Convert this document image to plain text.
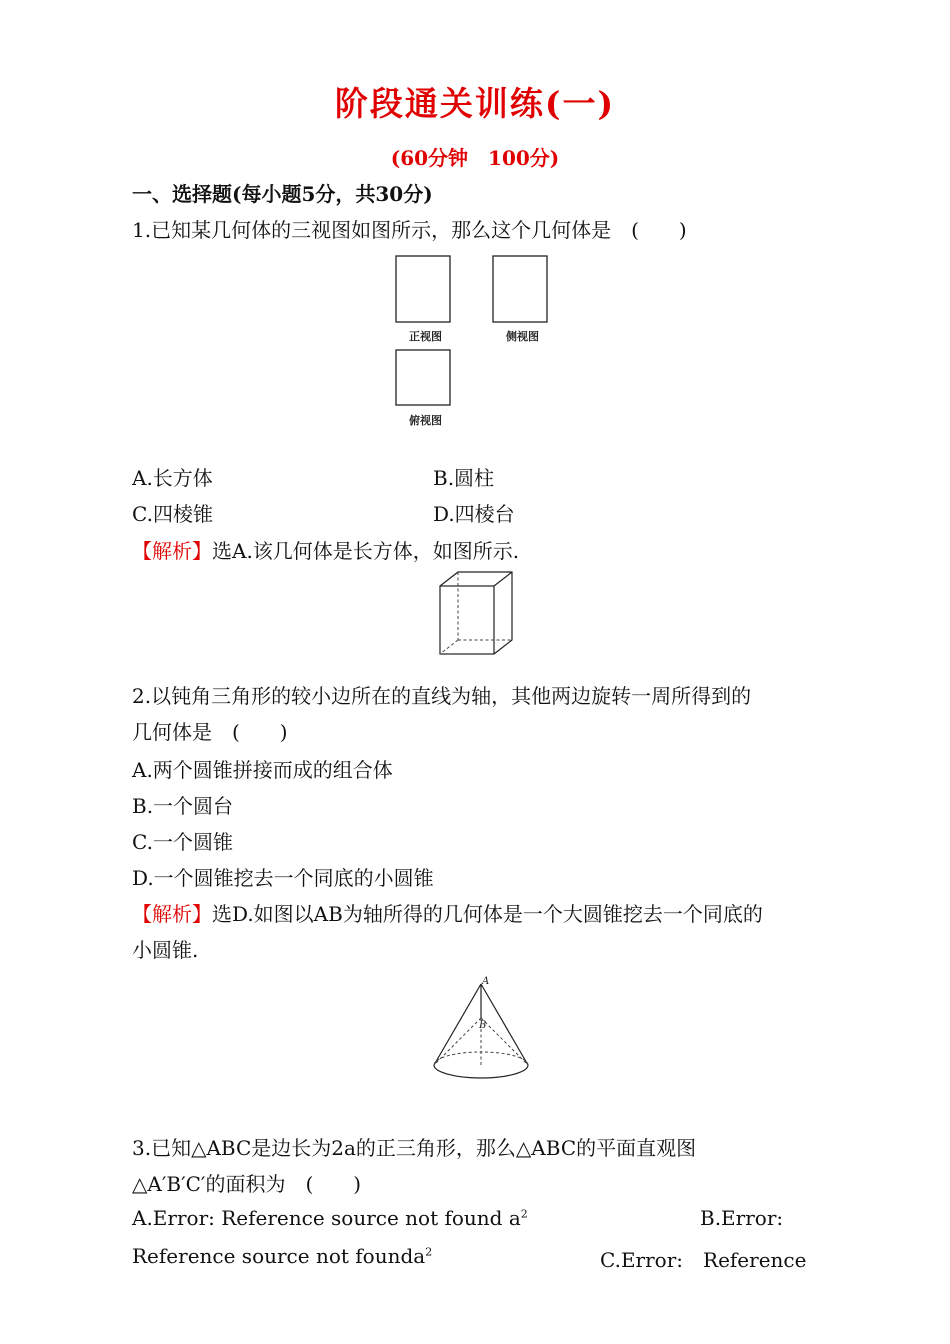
阶段通关训练(一)
(60分钟　100分)
一、选择题(每小题5分，共30分)
1.已知某几何体的三视图如图所示，那么这个几何体是　(　　)
正视图	侧视图
俯视图
A.长方体	B.圆柱
C.四棱锥	D.四棱台
【解析】选A.该几何体是长方体，如图所示.
2.以钝角三角形的较小边所在的直线为轴，其他两边旋转一周所得到的
几何体是　(　　)
A.两个圆锥拼接而成的组合体
B.一个圆台
C.一个圆锥
D.一个圆锥挖去一个同底的小圆锥
【解析】选D.如图以AB为轴所得的几何体是一个大圆锥挖去一个同底的
小圆锥.
A
B
3.已知△ABC是边长为2a的正三角形，那么△ABC的平面直观图
△A′B′C′的面积为　(　　)
A.Error: Reference source not found $a^2$	B.Error:
Reference source not founda$^2$	C.Error:　Reference
